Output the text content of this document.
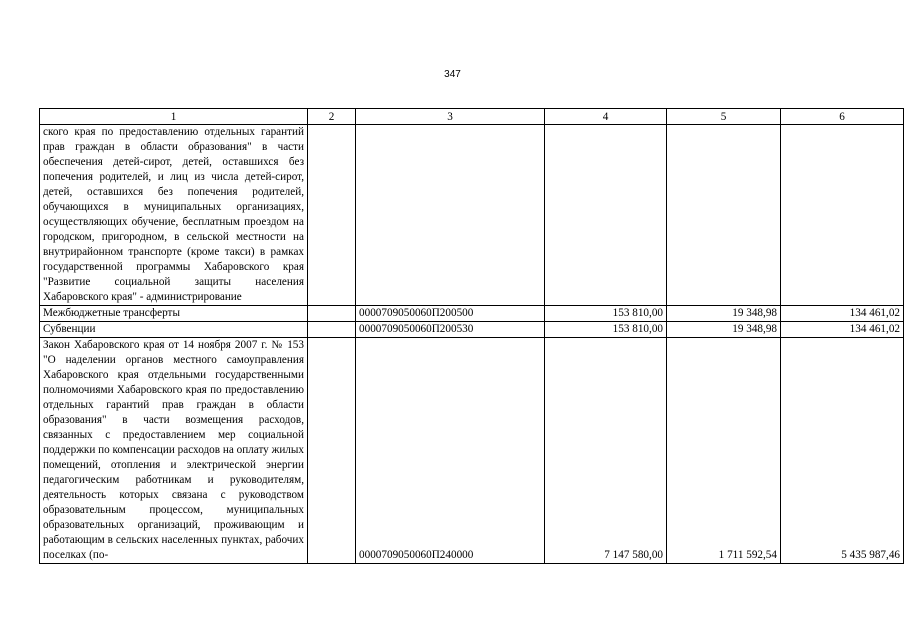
347
1	2	3	4	5	6
ского края по предоставлению отдельных гарантий прав граждан в области образования" в части обеспечения детей-сирот, детей, оставшихся без попечения родителей, и лиц из числа детей-сирот, детей, оставшихся без попечения родителей, обучающихся в муниципальных организациях, осуществляющих обучение, бесплатным проездом на городском, пригородном, в сельской местности на внутрирайонном транспорте (кроме такси) в рамках государственной программы Хабаровского края "Развитие социальной защиты населения Хабаровского края" - администрирование					
Межбюджетные трансферты		0000709050060П200500	153 810,00	19 348,98	134 461,02
Субвенции		0000709050060П200530	153 810,00	19 348,98	134 461,02
Закон Хабаровского края от 14 ноября 2007 г. № 153 "О наделении органов местного самоуправления Хабаровского края отдельными государственными полномочиями Хабаровского края по предоставлению отдельных гарантий прав граждан в области образования" в части возмещения расходов, связанных с предоставлением мер социальной поддержки по компенсации расходов на оплату жилых помещений, отопления и электрической энергии педагогическим работникам и руководителям, деятельность которых связана с руководством образовательным процессом, муниципальных образовательных организаций, проживающим и работающим в сельских населенных пунктах, рабочих поселках (по-		0000709050060П240000	7 147 580,00	1 711 592,54	5 435 987,46
